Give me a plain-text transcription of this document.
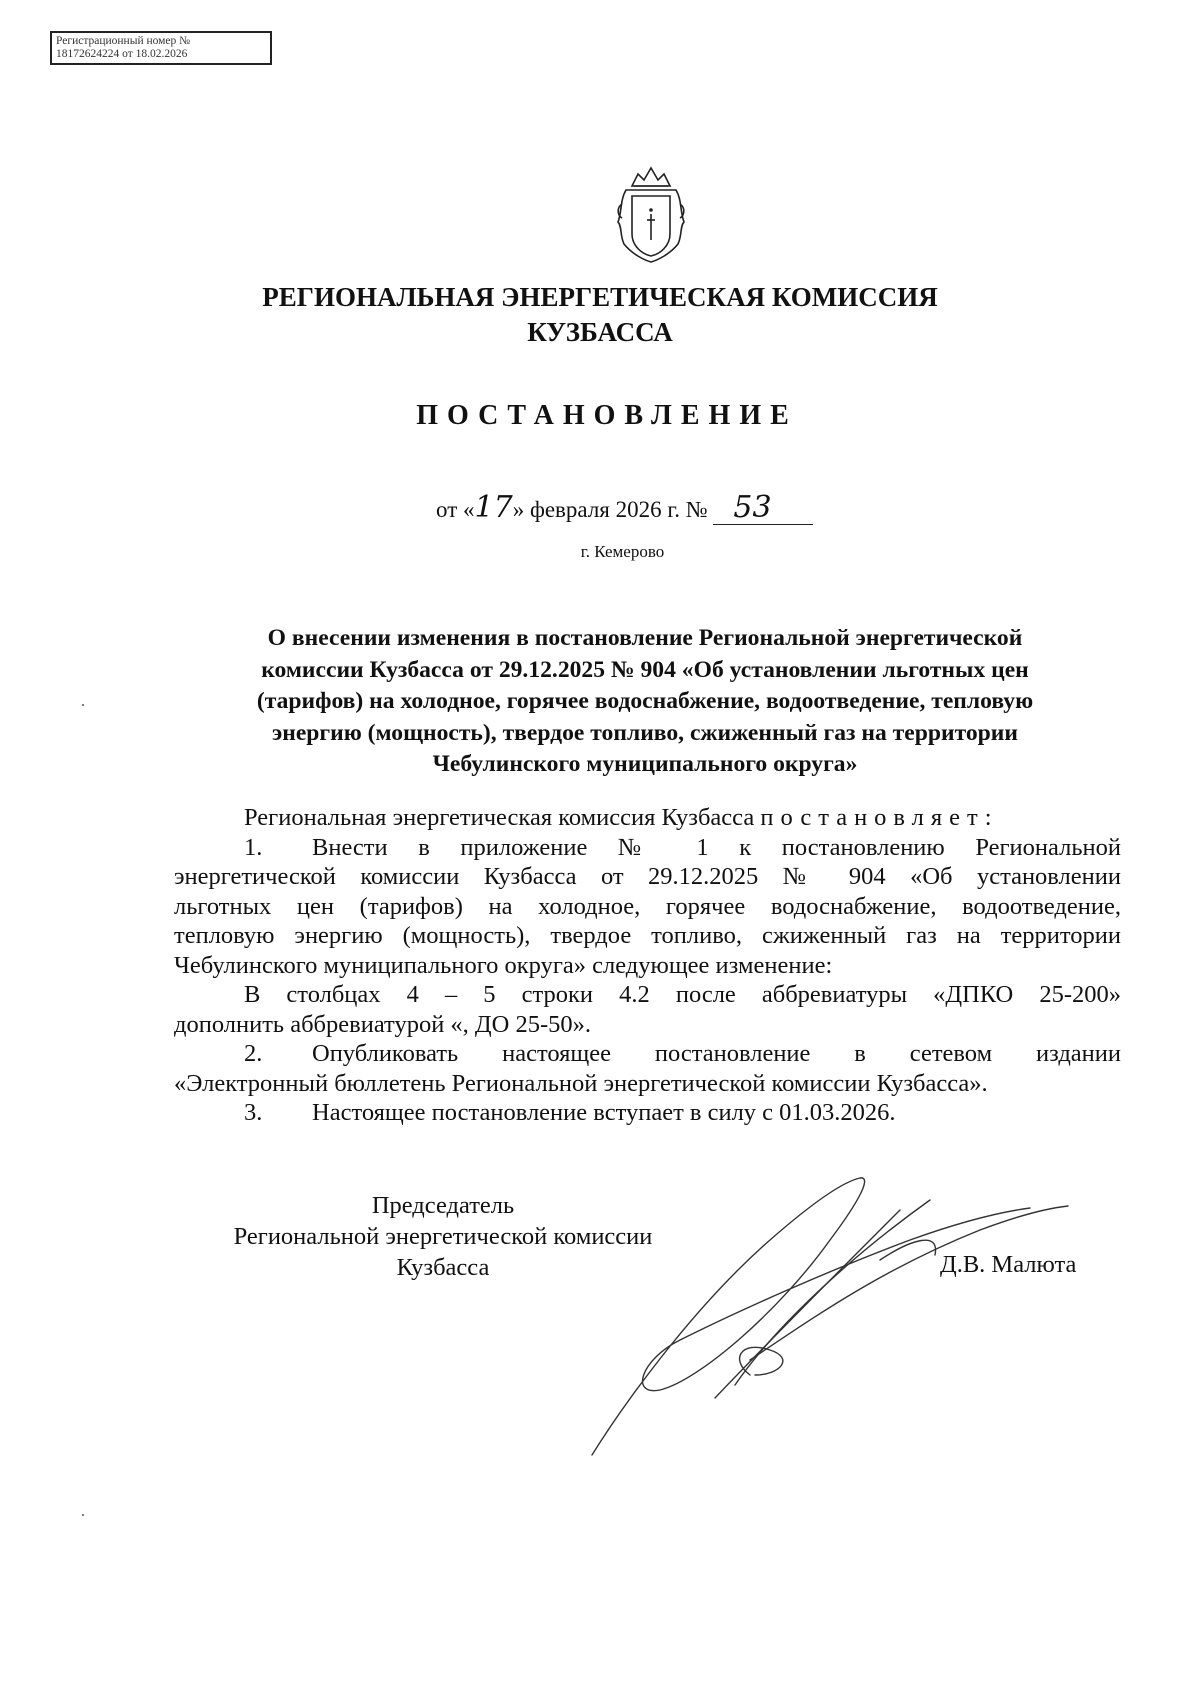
Регистрационный номер №
18172624224 от 18.02.2026
РЕГИОНАЛЬНАЯ ЭНЕРГЕТИЧЕСКАЯ КОМИССИЯ
КУЗБАССА
ПОСТАНОВЛЕНИЕ
от «17» февраля 2026 г. № 53
г. Кемерово
О внесении изменения в постановление Региональной энергетической
комиссии Кузбасса от 29.12.2025 № 904 «Об установлении льготных цен
(тарифов) на холодное, горячее водоснабжение, водоотведение, тепловую
энергию (мощность), твердое топливо, сжиженный газ на территории
Чебулинского муниципального округа»
Региональная энергетическая комиссия Кузбасса постановляет:
1. Внести в приложение № 1 к постановлению Региональной
энергетической комиссии Кузбасса от 29.12.2025 № 904 «Об установлении
льготных цен (тарифов) на холодное, горячее водоснабжение, водоотведение,
тепловую энергию (мощность), твердое топливо, сжиженный газ на территории
Чебулинского муниципального округа» следующее изменение:
В столбцах 4 – 5 строки 4.2 после аббревиатуры «ДПКО 25-200»
дополнить аббревиатурой «, ДО 25-50».
2. Опубликовать настоящее постановление в сетевом издании
«Электронный бюллетень Региональной энергетической комиссии Кузбасса».
3. Настоящее постановление вступает в силу с 01.03.2026.
Председатель
Региональной энергетической комиссии
Кузбасса	Д.В. Малюта
